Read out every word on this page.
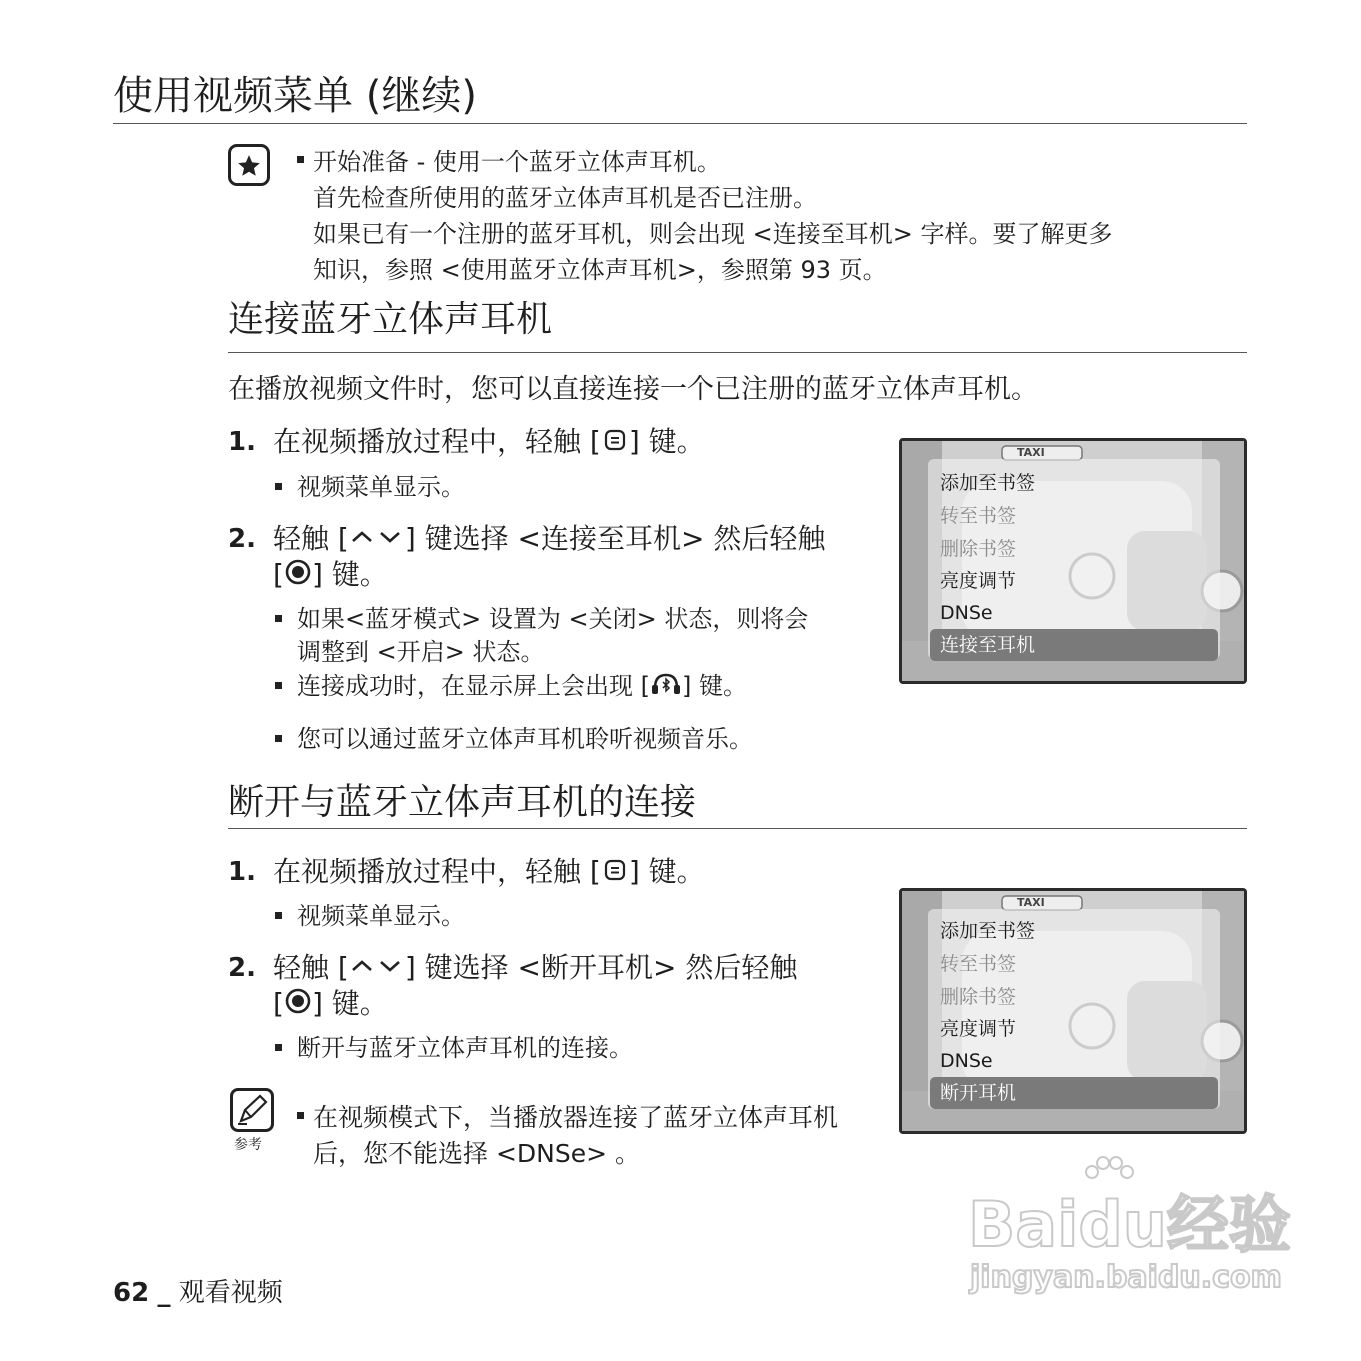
使用视频菜单 (继续)
开始准备 - 使用一个蓝牙立体声耳机。
首先检查所使用的蓝牙立体声耳机是否已注册。
如果已有一个注册的蓝牙耳机，则会出现 <连接至耳机> 字样。要了解更多
知识，参照 <使用蓝牙立体声耳机>，参照第 93 页。
连接蓝牙立体声耳机
在播放视频文件时，您可以直接连接一个已注册的蓝牙立体声耳机。
1. 在视频播放过程中，轻触 [ ] 键。
视频菜单显示。
2. 轻触 [ ] 键选择 <连接至耳机> 然后轻触
[ ] 键。
如果<蓝牙模式> 设置为 <关闭> 状态，则将会
调整到 <开启> 状态。
连接成功时，在显示屏上会出现 [ ] 键。
您可以通过蓝牙立体声耳机聆听视频音乐。
TAXI
添加至书签
转至书签
删除书签
亮度调节
DNSe
连接至耳机
断开与蓝牙立体声耳机的连接
1. 在视频播放过程中，轻触 [ ] 键。
视频菜单显示。
2. 轻触 [ ] 键选择 <断开耳机> 然后轻触
[ ] 键。
断开与蓝牙立体声耳机的连接。
TAXI
添加至书签
转至书签
删除书签
亮度调节
DNSe
断开耳机
参考
在视频模式下，当播放器连接了蓝牙立体声耳机
后，您不能选择 <DNSe> 。
Baidu经验
jingyan.baidu.com
62 _ 观看视频
